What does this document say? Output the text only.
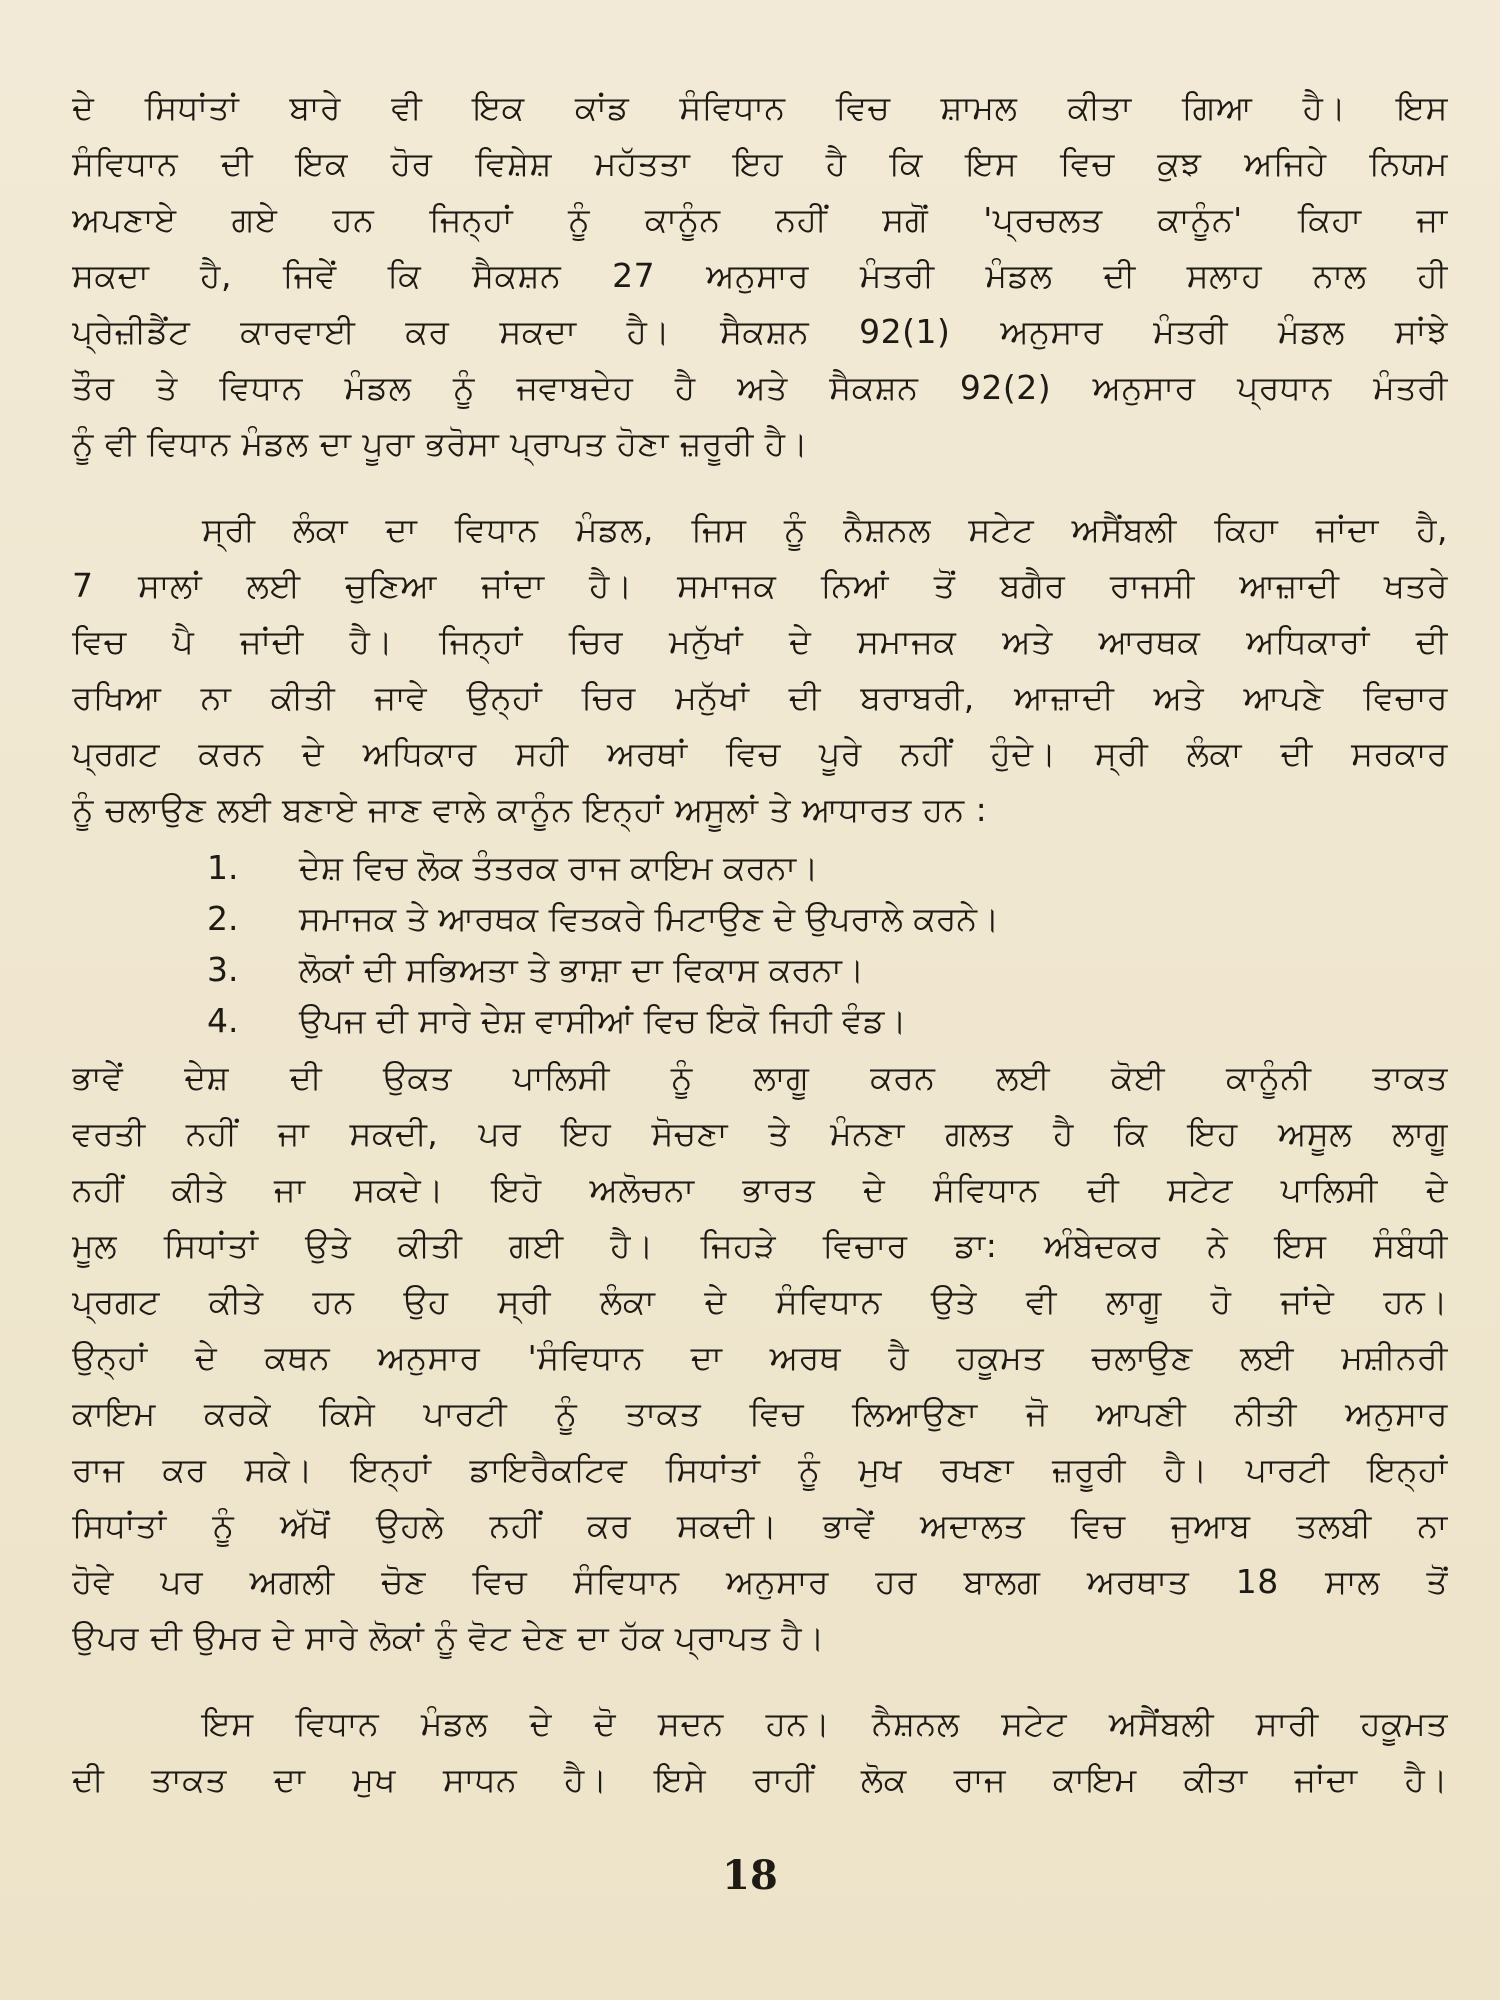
ਦੇ ਸਿਧਾਂਤਾਂ ਬਾਰੇ ਵੀ ਇਕ ਕਾਂਡ ਸੰਵਿਧਾਨ ਵਿਚ ਸ਼ਾਮਲ ਕੀਤਾ ਗਿਆ ਹੈ। ਇਸ
ਸੰਵਿਧਾਨ ਦੀ ਇਕ ਹੋਰ ਵਿਸ਼ੇਸ਼ ਮਹੱਤਤਾ ਇਹ ਹੈ ਕਿ ਇਸ ਵਿਚ ਕੁਝ ਅਜਿਹੇ ਨਿਯਮ
ਅਪਣਾਏ ਗਏ ਹਨ ਜਿਨ੍ਹਾਂ ਨੂੰ ਕਾਨੂੰਨ ਨਹੀਂ ਸਗੋਂ 'ਪ੍ਰਚਲਤ ਕਾਨੂੰਨ' ਕਿਹਾ ਜਾ
ਸਕਦਾ ਹੈ, ਜਿਵੇਂ ਕਿ ਸੈਕਸ਼ਨ 27 ਅਨੁਸਾਰ ਮੰਤਰੀ ਮੰਡਲ ਦੀ ਸਲਾਹ ਨਾਲ ਹੀ
ਪ੍ਰੇਜ਼ੀਡੈਂਟ ਕਾਰਵਾਈ ਕਰ ਸਕਦਾ ਹੈ। ਸੈਕਸ਼ਨ 92(1) ਅਨੁਸਾਰ ਮੰਤਰੀ ਮੰਡਲ ਸਾਂਝੇ
ਤੌਰ ਤੇ ਵਿਧਾਨ ਮੰਡਲ ਨੂੰ ਜਵਾਬਦੇਹ ਹੈ ਅਤੇ ਸੈਕਸ਼ਨ 92(2) ਅਨੁਸਾਰ ਪ੍ਰਧਾਨ ਮੰਤਰੀ
ਨੂੰ ਵੀ ਵਿਧਾਨ ਮੰਡਲ ਦਾ ਪੂਰਾ ਭਰੋਸਾ ਪ੍ਰਾਪਤ ਹੋਣਾ ਜ਼ਰੂਰੀ ਹੈ।
ਸ੍ਰੀ ਲੰਕਾ ਦਾ ਵਿਧਾਨ ਮੰਡਲ, ਜਿਸ ਨੂੰ ਨੈਸ਼ਨਲ ਸਟੇਟ ਅਸੈਂਬਲੀ ਕਿਹਾ ਜਾਂਦਾ ਹੈ,
7 ਸਾਲਾਂ ਲਈ ਚੁਣਿਆ ਜਾਂਦਾ ਹੈ। ਸਮਾਜਕ ਨਿਆਂ ਤੋਂ ਬਗੈਰ ਰਾਜਸੀ ਆਜ਼ਾਦੀ ਖਤਰੇ
ਵਿਚ ਪੈ ਜਾਂਦੀ ਹੈ। ਜਿਨ੍ਹਾਂ ਚਿਰ ਮਨੁੱਖਾਂ ਦੇ ਸਮਾਜਕ ਅਤੇ ਆਰਥਕ ਅਧਿਕਾਰਾਂ ਦੀ
ਰਖਿਆ ਨਾ ਕੀਤੀ ਜਾਵੇ ਉਨ੍ਹਾਂ ਚਿਰ ਮਨੁੱਖਾਂ ਦੀ ਬਰਾਬਰੀ, ਆਜ਼ਾਦੀ ਅਤੇ ਆਪਣੇ ਵਿਚਾਰ
ਪ੍ਰਗਟ ਕਰਨ ਦੇ ਅਧਿਕਾਰ ਸਹੀ ਅਰਥਾਂ ਵਿਚ ਪੂਰੇ ਨਹੀਂ ਹੁੰਦੇ। ਸ੍ਰੀ ਲੰਕਾ ਦੀ ਸਰਕਾਰ
ਨੂੰ ਚਲਾਉਣ ਲਈ ਬਣਾਏ ਜਾਣ ਵਾਲੇ ਕਾਨੂੰਨ ਇਨ੍ਹਾਂ ਅਸੂਲਾਂ ਤੇ ਆਧਾਰਤ ਹਨ :
1. ਦੇਸ਼ ਵਿਚ ਲੋਕ ਤੰਤਰਕ ਰਾਜ ਕਾਇਮ ਕਰਨਾ।
2. ਸਮਾਜਕ ਤੇ ਆਰਥਕ ਵਿਤਕਰੇ ਮਿਟਾਉਣ ਦੇ ਉਪਰਾਲੇ ਕਰਨੇ।
3. ਲੋਕਾਂ ਦੀ ਸਭਿਅਤਾ ਤੇ ਭਾਸ਼ਾ ਦਾ ਵਿਕਾਸ ਕਰਨਾ।
4. ਉਪਜ ਦੀ ਸਾਰੇ ਦੇਸ਼ ਵਾਸੀਆਂ ਵਿਚ ਇਕੋ ਜਿਹੀ ਵੰਡ।
ਭਾਵੇਂ ਦੇਸ਼ ਦੀ ਉਕਤ ਪਾਲਿਸੀ ਨੂੰ ਲਾਗੂ ਕਰਨ ਲਈ ਕੋਈ ਕਾਨੂੰਨੀ ਤਾਕਤ
ਵਰਤੀ ਨਹੀਂ ਜਾ ਸਕਦੀ, ਪਰ ਇਹ ਸੋਚਣਾ ਤੇ ਮੰਨਣਾ ਗਲਤ ਹੈ ਕਿ ਇਹ ਅਸੂਲ ਲਾਗੂ
ਨਹੀਂ ਕੀਤੇ ਜਾ ਸਕਦੇ। ਇਹੋ ਅਲੋਚਨਾ ਭਾਰਤ ਦੇ ਸੰਵਿਧਾਨ ਦੀ ਸਟੇਟ ਪਾਲਿਸੀ ਦੇ
ਮੂਲ ਸਿਧਾਂਤਾਂ ਉਤੇ ਕੀਤੀ ਗਈ ਹੈ। ਜਿਹੜੇ ਵਿਚਾਰ ਡਾ: ਅੰਬੇਦਕਰ ਨੇ ਇਸ ਸੰਬੰਧੀ
ਪ੍ਰਗਟ ਕੀਤੇ ਹਨ ਉਹ ਸ੍ਰੀ ਲੰਕਾ ਦੇ ਸੰਵਿਧਾਨ ਉਤੇ ਵੀ ਲਾਗੂ ਹੋ ਜਾਂਦੇ ਹਨ।
ਉਨ੍ਹਾਂ ਦੇ ਕਥਨ ਅਨੁਸਾਰ 'ਸੰਵਿਧਾਨ ਦਾ ਅਰਥ ਹੈ ਹਕੂਮਤ ਚਲਾਉਣ ਲਈ ਮਸ਼ੀਨਰੀ
ਕਾਇਮ ਕਰਕੇ ਕਿਸੇ ਪਾਰਟੀ ਨੂੰ ਤਾਕਤ ਵਿਚ ਲਿਆਉਣਾ ਜੋ ਆਪਣੀ ਨੀਤੀ ਅਨੁਸਾਰ
ਰਾਜ ਕਰ ਸਕੇ। ਇਨ੍ਹਾਂ ਡਾਇਰੈਕਟਿਵ ਸਿਧਾਂਤਾਂ ਨੂੰ ਮੁਖ ਰਖਣਾ ਜ਼ਰੂਰੀ ਹੈ। ਪਾਰਟੀ ਇਨ੍ਹਾਂ
ਸਿਧਾਂਤਾਂ ਨੂੰ ਅੱਖੋਂ ਉਹਲੇ ਨਹੀਂ ਕਰ ਸਕਦੀ। ਭਾਵੇਂ ਅਦਾਲਤ ਵਿਚ ਜੁਆਬ ਤਲਬੀ ਨਾ
ਹੋਵੇ ਪਰ ਅਗਲੀ ਚੋਣ ਵਿਚ ਸੰਵਿਧਾਨ ਅਨੁਸਾਰ ਹਰ ਬਾਲਗ ਅਰਥਾਤ 18 ਸਾਲ ਤੋਂ
ਉਪਰ ਦੀ ਉਮਰ ਦੇ ਸਾਰੇ ਲੋਕਾਂ ਨੂੰ ਵੋਟ ਦੇਣ ਦਾ ਹੱਕ ਪ੍ਰਾਪਤ ਹੈ।
ਇਸ ਵਿਧਾਨ ਮੰਡਲ ਦੇ ਦੋ ਸਦਨ ਹਨ। ਨੈਸ਼ਨਲ ਸਟੇਟ ਅਸੈਂਬਲੀ ਸਾਰੀ ਹਕੂਮਤ
ਦੀ ਤਾਕਤ ਦਾ ਮੁਖ ਸਾਧਨ ਹੈ। ਇਸੇ ਰਾਹੀਂ ਲੋਕ ਰਾਜ ਕਾਇਮ ਕੀਤਾ ਜਾਂਦਾ ਹੈ।
18
